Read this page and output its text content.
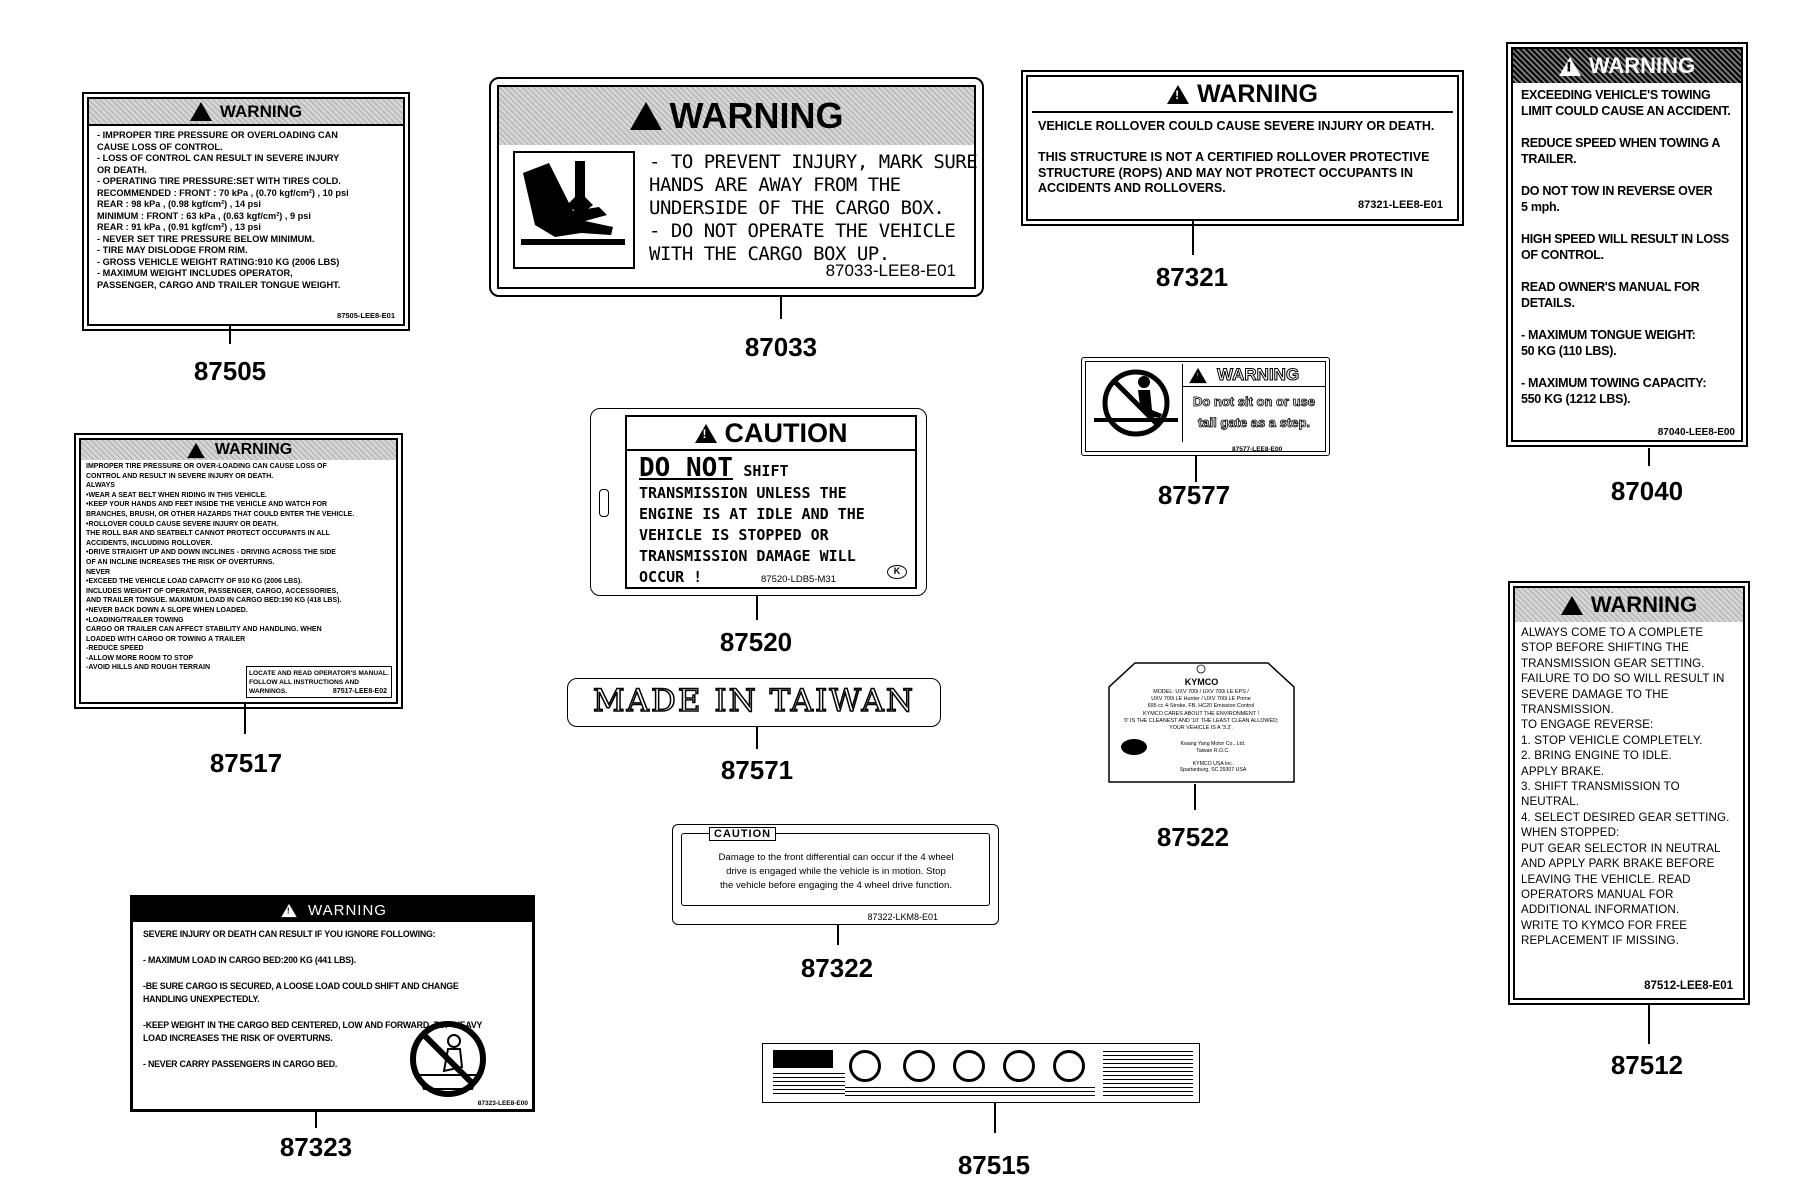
!
WARNING
- IMPROPER TIRE PRESSURE OR OVERLOADING CAN
CAUSE LOSS OF CONTROL.
- LOSS OF CONTROL CAN RESULT IN SEVERE INJURY
OR DEATH.
- OPERATING TIRE PRESSURE:SET WITH TIRES COLD.
RECOMMENDED : FRONT : 70 kPa , (0.70 kgf/cm²) , 10 psi
REAR : 98 kPa , (0.98 kgf/cm²) , 14 psi
MINIMUM : FRONT : 63 kPa , (0.63 kgf/cm²) , 9 psi
REAR : 91 kPa , (0.91 kgf/cm²) , 13 psi
- NEVER SET TIRE PRESSURE BELOW MINIMUM.
- TIRE MAY DISLODGE FROM RIM.
- GROSS VEHICLE WEIGHT RATING:910 KG (2006 LBS)
- MAXIMUM WEIGHT INCLUDES OPERATOR,
PASSENGER, CARGO AND TRAILER TONGUE WEIGHT.
87505-LEE8-E01
87505
!
WARNING
- TO PREVENT INJURY, MARK SURE
HANDS ARE AWAY FROM THE
UNDERSIDE OF THE CARGO BOX.
- DO NOT OPERATE THE VEHICLE
WITH THE CARGO BOX UP.
87033-LEE8-E01
87033
!
WARNING
VEHICLE ROLLOVER COULD CAUSE SEVERE INJURY OR DEATH.

THIS STRUCTURE IS NOT A CERTIFIED ROLLOVER PROTECTIVE
STRUCTURE (ROPS) AND MAY NOT PROTECT OCCUPANTS IN
ACCIDENTS AND ROLLOVERS.
87321-LEE8-E01
87321
!
WARNING
EXCEEDING VEHICLE'S TOWING
LIMIT COULD CAUSE AN ACCIDENT.

REDUCE SPEED WHEN TOWING A
TRAILER.

DO NOT TOW IN REVERSE OVER
5 mph.

HIGH SPEED WILL RESULT IN LOSS
OF CONTROL.

READ OWNER'S MANUAL FOR
DETAILS.

- MAXIMUM TONGUE WEIGHT:
50 KG (110 LBS).

- MAXIMUM TOWING CAPACITY:
550 KG (1212 LBS).
87040-LEE8-E00
87040
!
WARNING
IMPROPER TIRE PRESSURE OR OVER-LOADING CAN CAUSE LOSS OF
CONTROL AND RESULT IN SEVERE INJURY OR DEATH.
ALWAYS
•WEAR A SEAT BELT WHEN RIDING IN THIS VEHICLE.
•KEEP YOUR HANDS AND FEET INSIDE THE VEHICLE AND WATCH FOR
BRANCHES, BRUSH, OR OTHER HAZARDS THAT COULD ENTER THE VEHICLE.
•ROLLOVER COULD CAUSE SEVERE INJURY OR DEATH.
THE ROLL BAR AND SEATBELT CANNOT PROTECT OCCUPANTS IN ALL
ACCIDENTS, INCLUDING ROLLOVER.
•DRIVE STRAIGHT UP AND DOWN INCLINES - DRIVING ACROSS THE SIDE
OF AN INCLINE INCREASES THE RISK OF OVERTURNS.
NEVER
•EXCEED THE VEHICLE LOAD CAPACITY OF 910 KG (2006 LBS).
INCLUDES WEIGHT OF OPERATOR, PASSENGER, CARGO, ACCESSORIES,
AND TRAILER TONGUE. MAXIMUM LOAD IN CARGO BED:190 KG (418 LBS).
•NEVER BACK DOWN A SLOPE WHEN LOADED.
•LOADING/TRAILER TOWING
CARGO OR TRAILER CAN AFFECT STABILITY AND HANDLING. WHEN
LOADED WITH CARGO OR TOWING A TRAILER
-REDUCE SPEED
-ALLOW MORE ROOM TO STOP
-AVOID HILLS AND ROUGH TERRAIN
LOCATE AND READ OPERATOR'S MANUAL.
FOLLOW ALL INSTRUCTIONS AND WARNINGS.	87517-LEE8-E02
87517
!
CAUTION
DO NOT SHIFT
TRANSMISSION UNLESS THE
ENGINE IS AT IDLE AND THE
VEHICLE IS STOPPED OR
TRANSMISSION DAMAGE WILL
OCCUR !	87520-LDB5-M31
K
87520
!
WARNING
Do not sit on or use
tail gate as a step.
87577-LEE8-E00
87577
MADE IN TAIWAN
87571
KYMCO
MODEL: UXV 700i / UXV 700i LE EPS /
UXV 700i LE Hunter / UXV 700i LE Prime
695 cc 4-Stroke, FB, HC20 Emission Control
KYMCO CARES ABOUT THE ENVIRONMENT !
'0' IS THE CLEANEST AND '10' THE LEAST CLEAN ALLOWED;
YOUR VEHICLE IS A '3.2'.
Kwang Yang Motor Co., Ltd.
Taiwan R.O.C.

KYMCO USA Inc.
Spartanburg, SC 29307 USA
87522
!
WARNING
ALWAYS COME TO A COMPLETE
STOP BEFORE SHIFTING THE
TRANSMISSION GEAR SETTING.
FAILURE TO DO SO WILL RESULT IN
SEVERE DAMAGE TO THE
TRANSMISSION.
TO ENGAGE REVERSE:
1. STOP VEHICLE COMPLETELY.
2. BRING ENGINE TO IDLE.
APPLY BRAKE.
3. SHIFT TRANSMISSION TO
NEUTRAL.
4. SELECT DESIRED GEAR SETTING.
WHEN STOPPED:
PUT GEAR SELECTOR IN NEUTRAL
AND APPLY PARK BRAKE BEFORE
LEAVING THE VEHICLE. READ
OPERATORS MANUAL FOR
ADDITIONAL INFORMATION.
WRITE TO KYMCO FOR FREE
REPLACEMENT IF MISSING.
87512-LEE8-E01
87512
CAUTION
Damage to the front differential can occur if the 4 wheel
drive is engaged while the vehicle is in motion. Stop
the vehicle before engaging the 4 wheel drive function.
87322-LKM8-E01
87322
!
WARNING
SEVERE INJURY OR DEATH CAN RESULT IF YOU IGNORE FOLLOWING:

- MAXIMUM LOAD IN CARGO BED:200 KG (441 LBS).

-BE SURE CARGO IS SECURED, A LOOSE LOAD COULD SHIFT AND CHANGE
HANDLING UNEXPECTEDLY.

-KEEP WEIGHT IN THE CARGO BED CENTERED, LOW AND FORWARD, TOP-HEAVY
LOAD INCREASES THE RISK OF OVERTURNS.

- NEVER CARRY PASSENGERS IN CARGO BED.
87323-LEE8-E00
87323
87515
